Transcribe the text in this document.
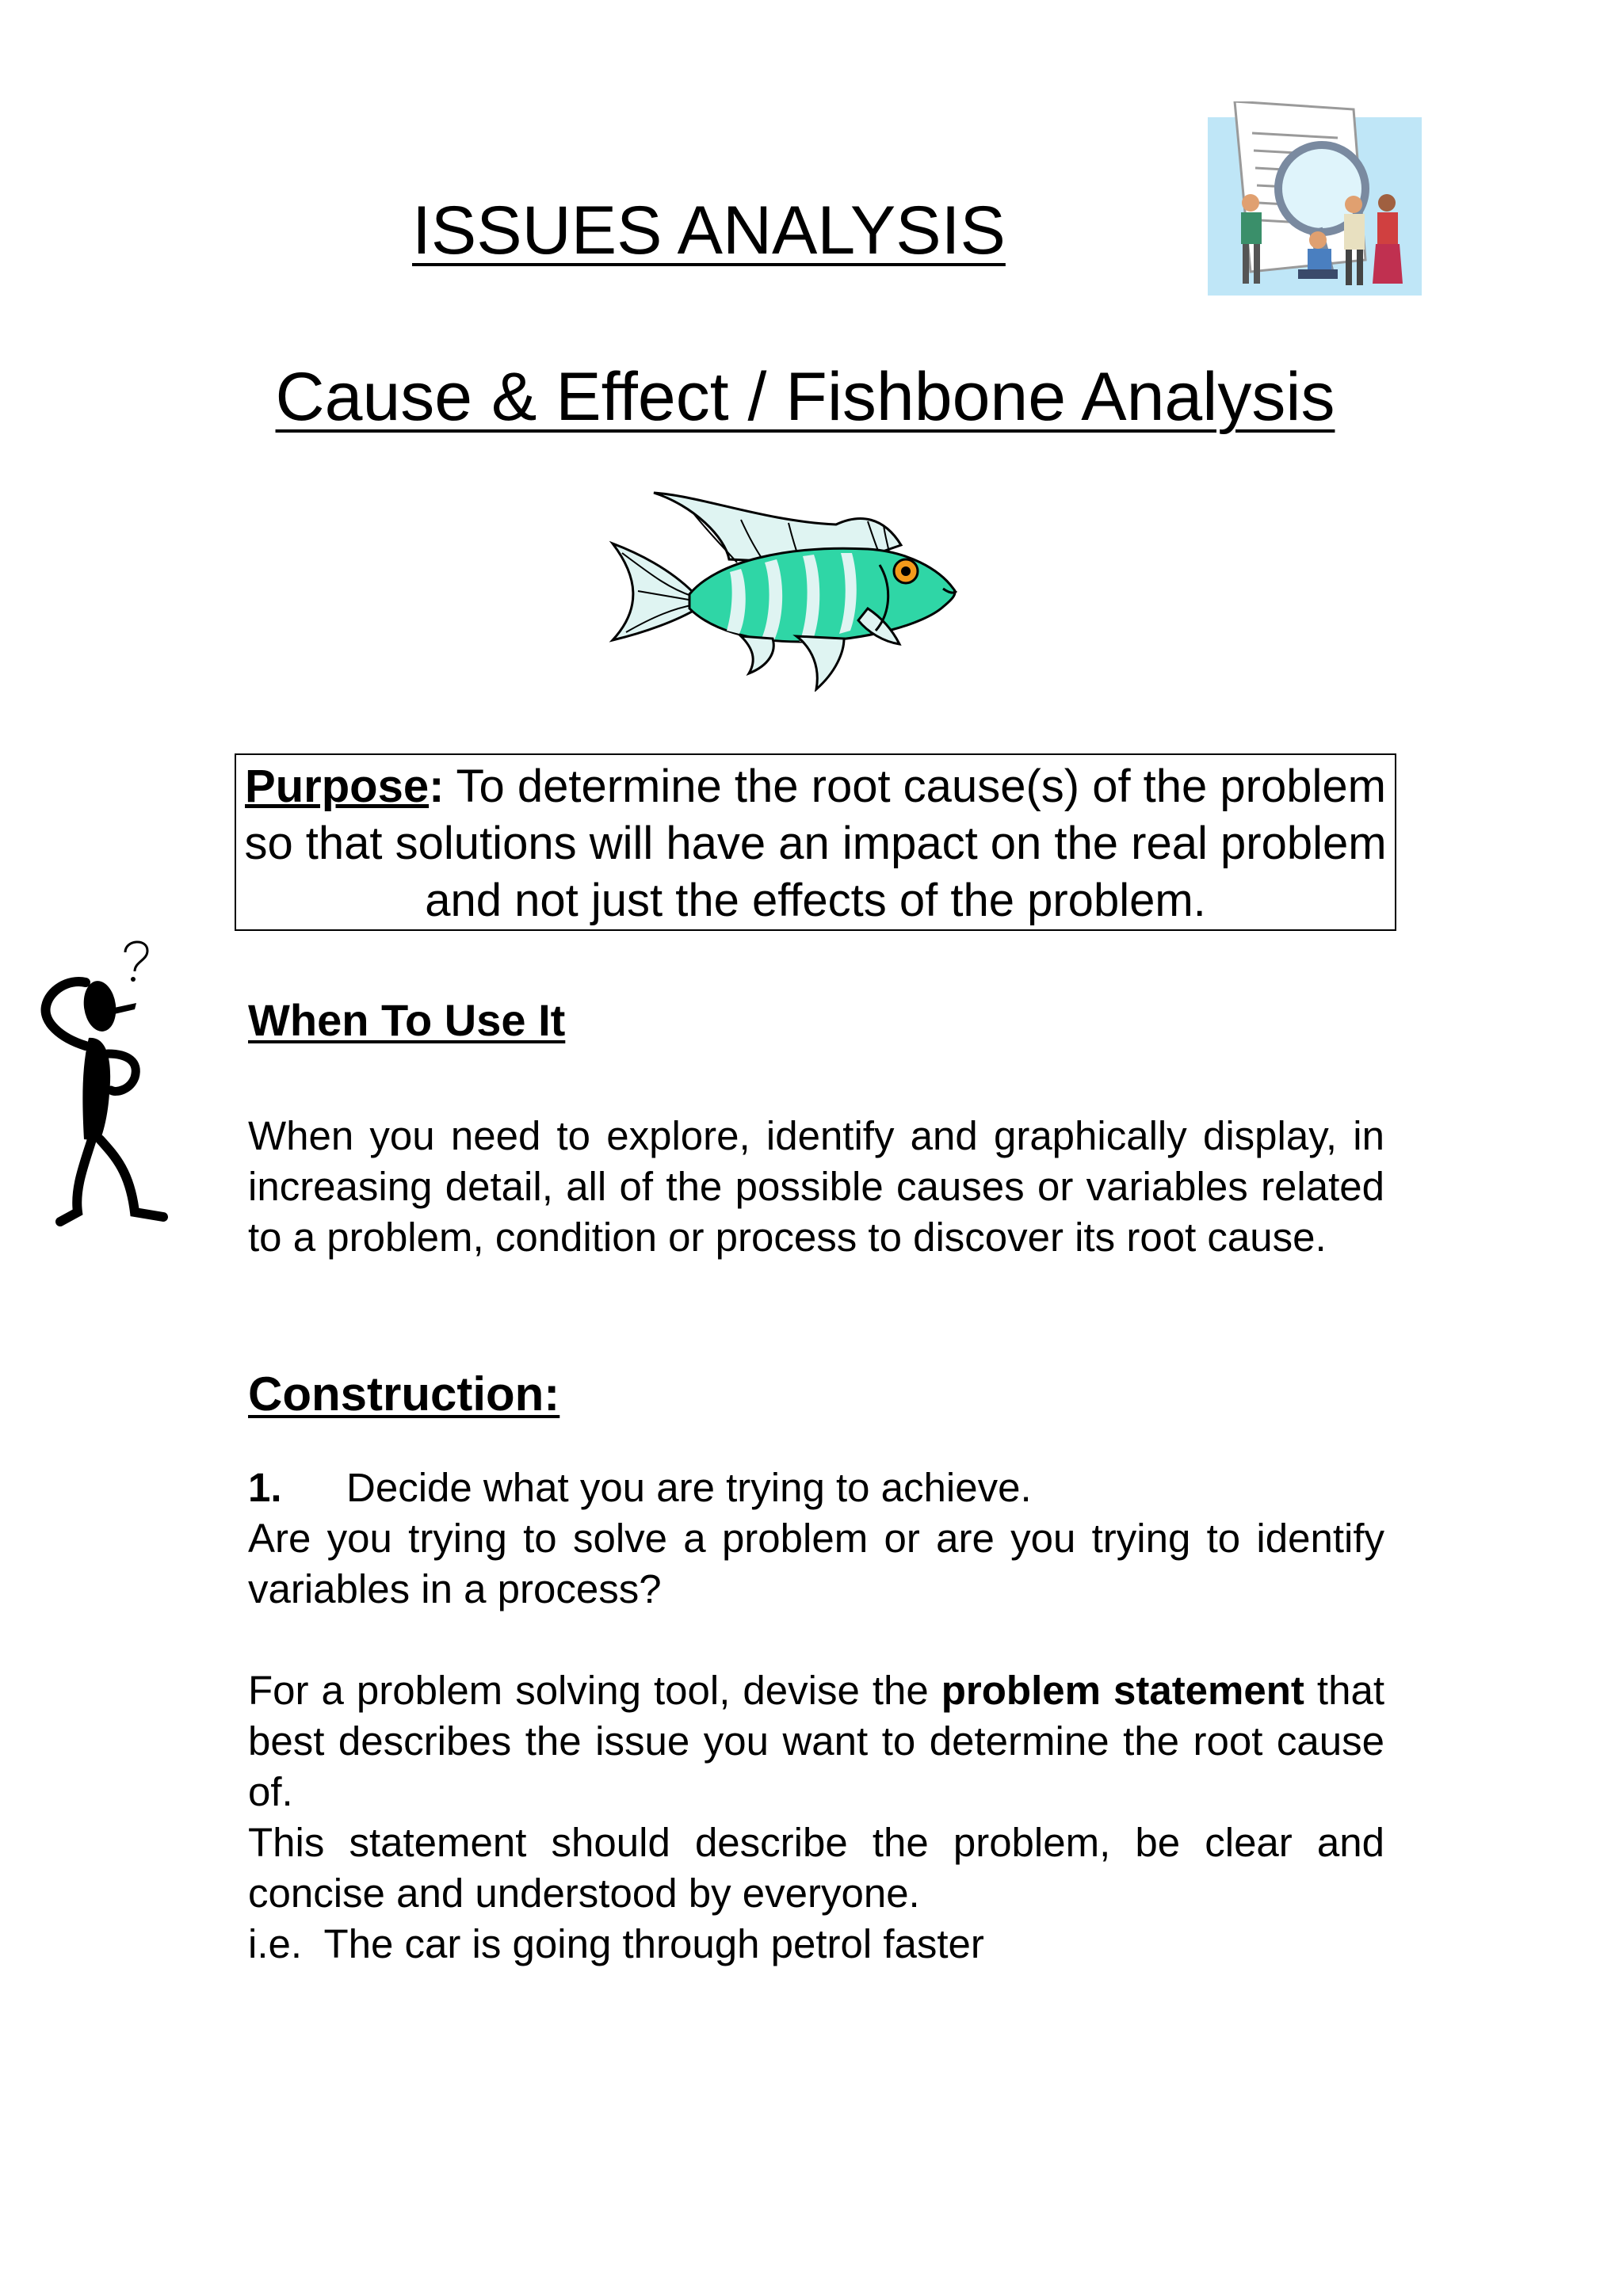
ISSUES ANALYSIS
Cause & Effect / Fishbone Analysis
Purpose: To determine the root cause(s) of the problem so that solutions will have an impact on the real problem and not just the effects of the problem.
When To Use It
When you need to explore, identify and graphically display, in increasing detail, all of the possible causes or variables related to a problem, condition or process to discover its root cause.
Construction:
1. Decide what you are trying to achieve.
Are you trying to solve a problem or are you trying to identify variables in a process?
For a problem solving tool, devise the problem statement that best describes the issue you want to determine the root cause of.
This statement should describe the problem, be clear and concise and understood by everyone.
i.e.  The car is going through petrol faster
